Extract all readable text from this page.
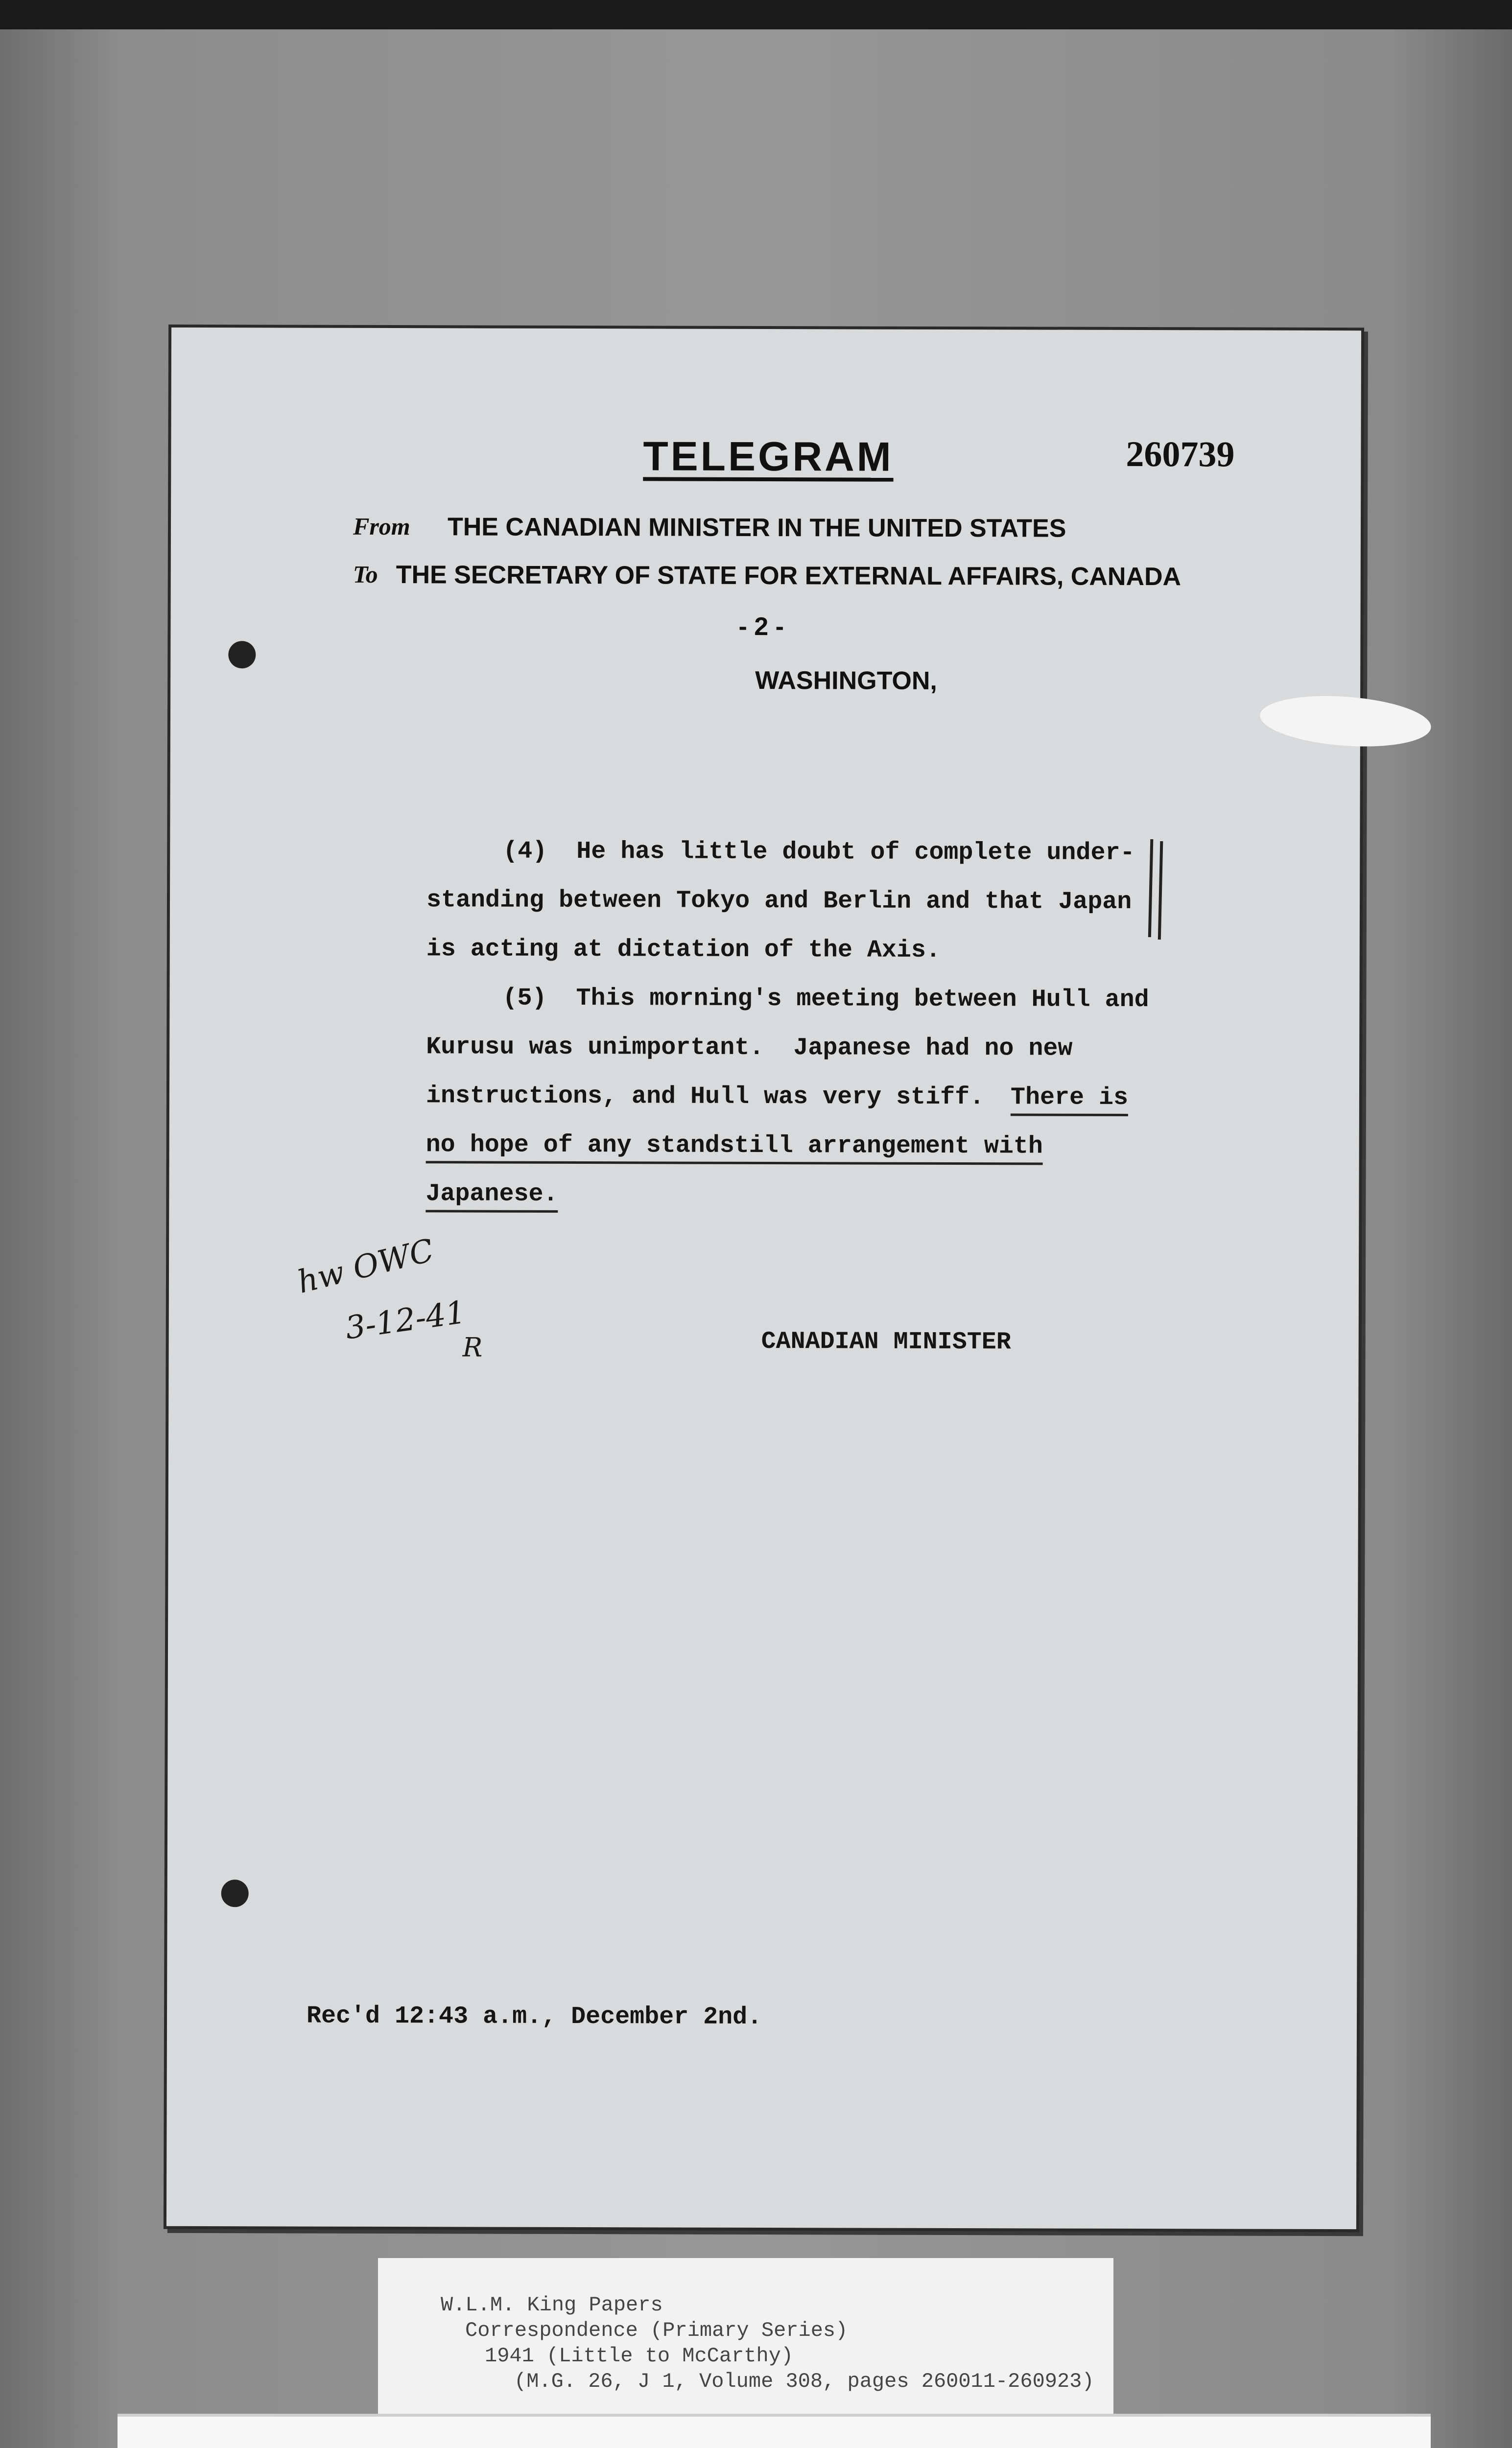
TELEGRAM	260739
From THE CANADIAN MINISTER IN THE UNITED STATES
To THE SECRETARY OF STATE FOR EXTERNAL AFFAIRS, CANADA
- 2 -
WASHINGTON,
(4)  He has little doubt of complete under-
standing between Tokyo and Berlin and that Japan
is acting at dictation of the Axis.
(5)  This morning's meeting between Hull and
Kurusu was unimportant.  Japanese had no new
instructions, and Hull was very stiff. There is
no hope of any standstill arrangement with
Japanese.
hw OWC
3-12-41
R	CANADIAN MINISTER
Rec'd 12:43 a.m., December 2nd.
W.L.M. King Papers
Correspondence (Primary Series)
1941 (Little to McCarthy)
(M.G. 26, J 1, Volume 308, pages 260011-260923)
